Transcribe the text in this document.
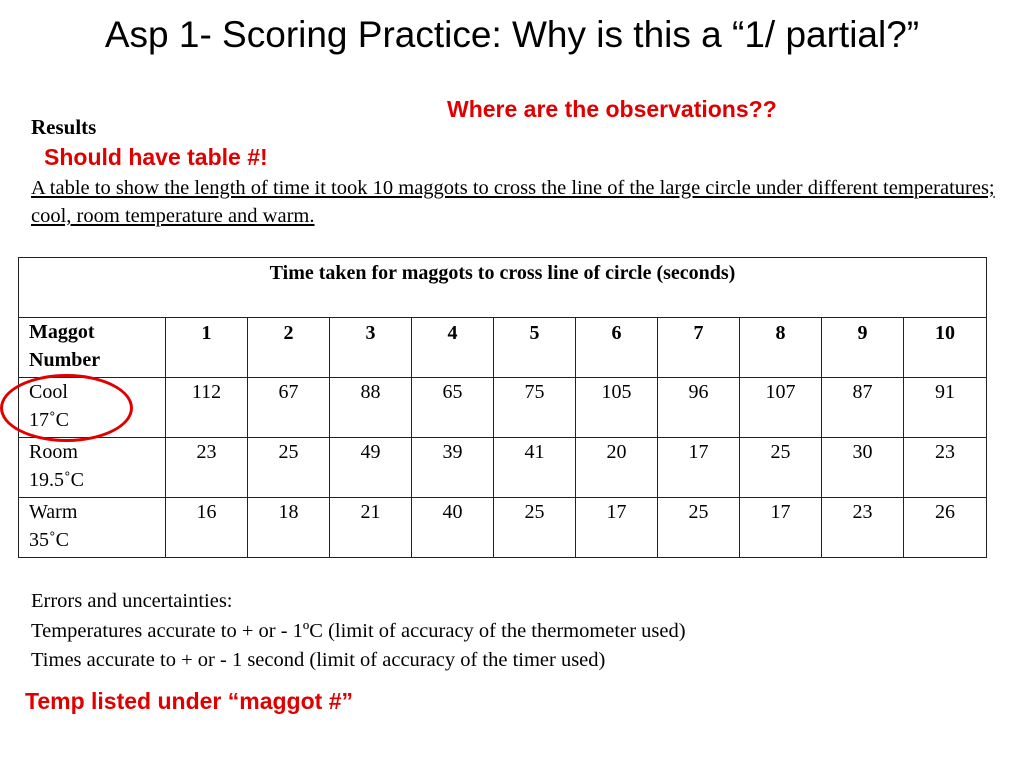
Asp 1- Scoring Practice: Why is this a “1/ partial?”
Results
Where are the observations??
Should have table #!
A table to show the length of time it took 10 maggots to cross the line of the large circle under different temperatures; cool, room temperature and warm.
Time taken for maggots to cross line of circle (seconds)										

Maggot
Number	1	2	3	4	5	6	7	8	9	10

Cool
17˚C	112	67	88	65	75	105	96	107	87	91

Room
19.5˚C	23	25	49	39	41	20	17	25	30	23

Warm
35˚C	16	18	21	40	25	17	25	17	23	26
Errors and uncertainties:
Temperatures accurate to + or - 1ºC (limit of accuracy of the thermometer used)
Times accurate to + or - 1 second (limit of accuracy of the timer used)
Temp listed under “maggot #”
